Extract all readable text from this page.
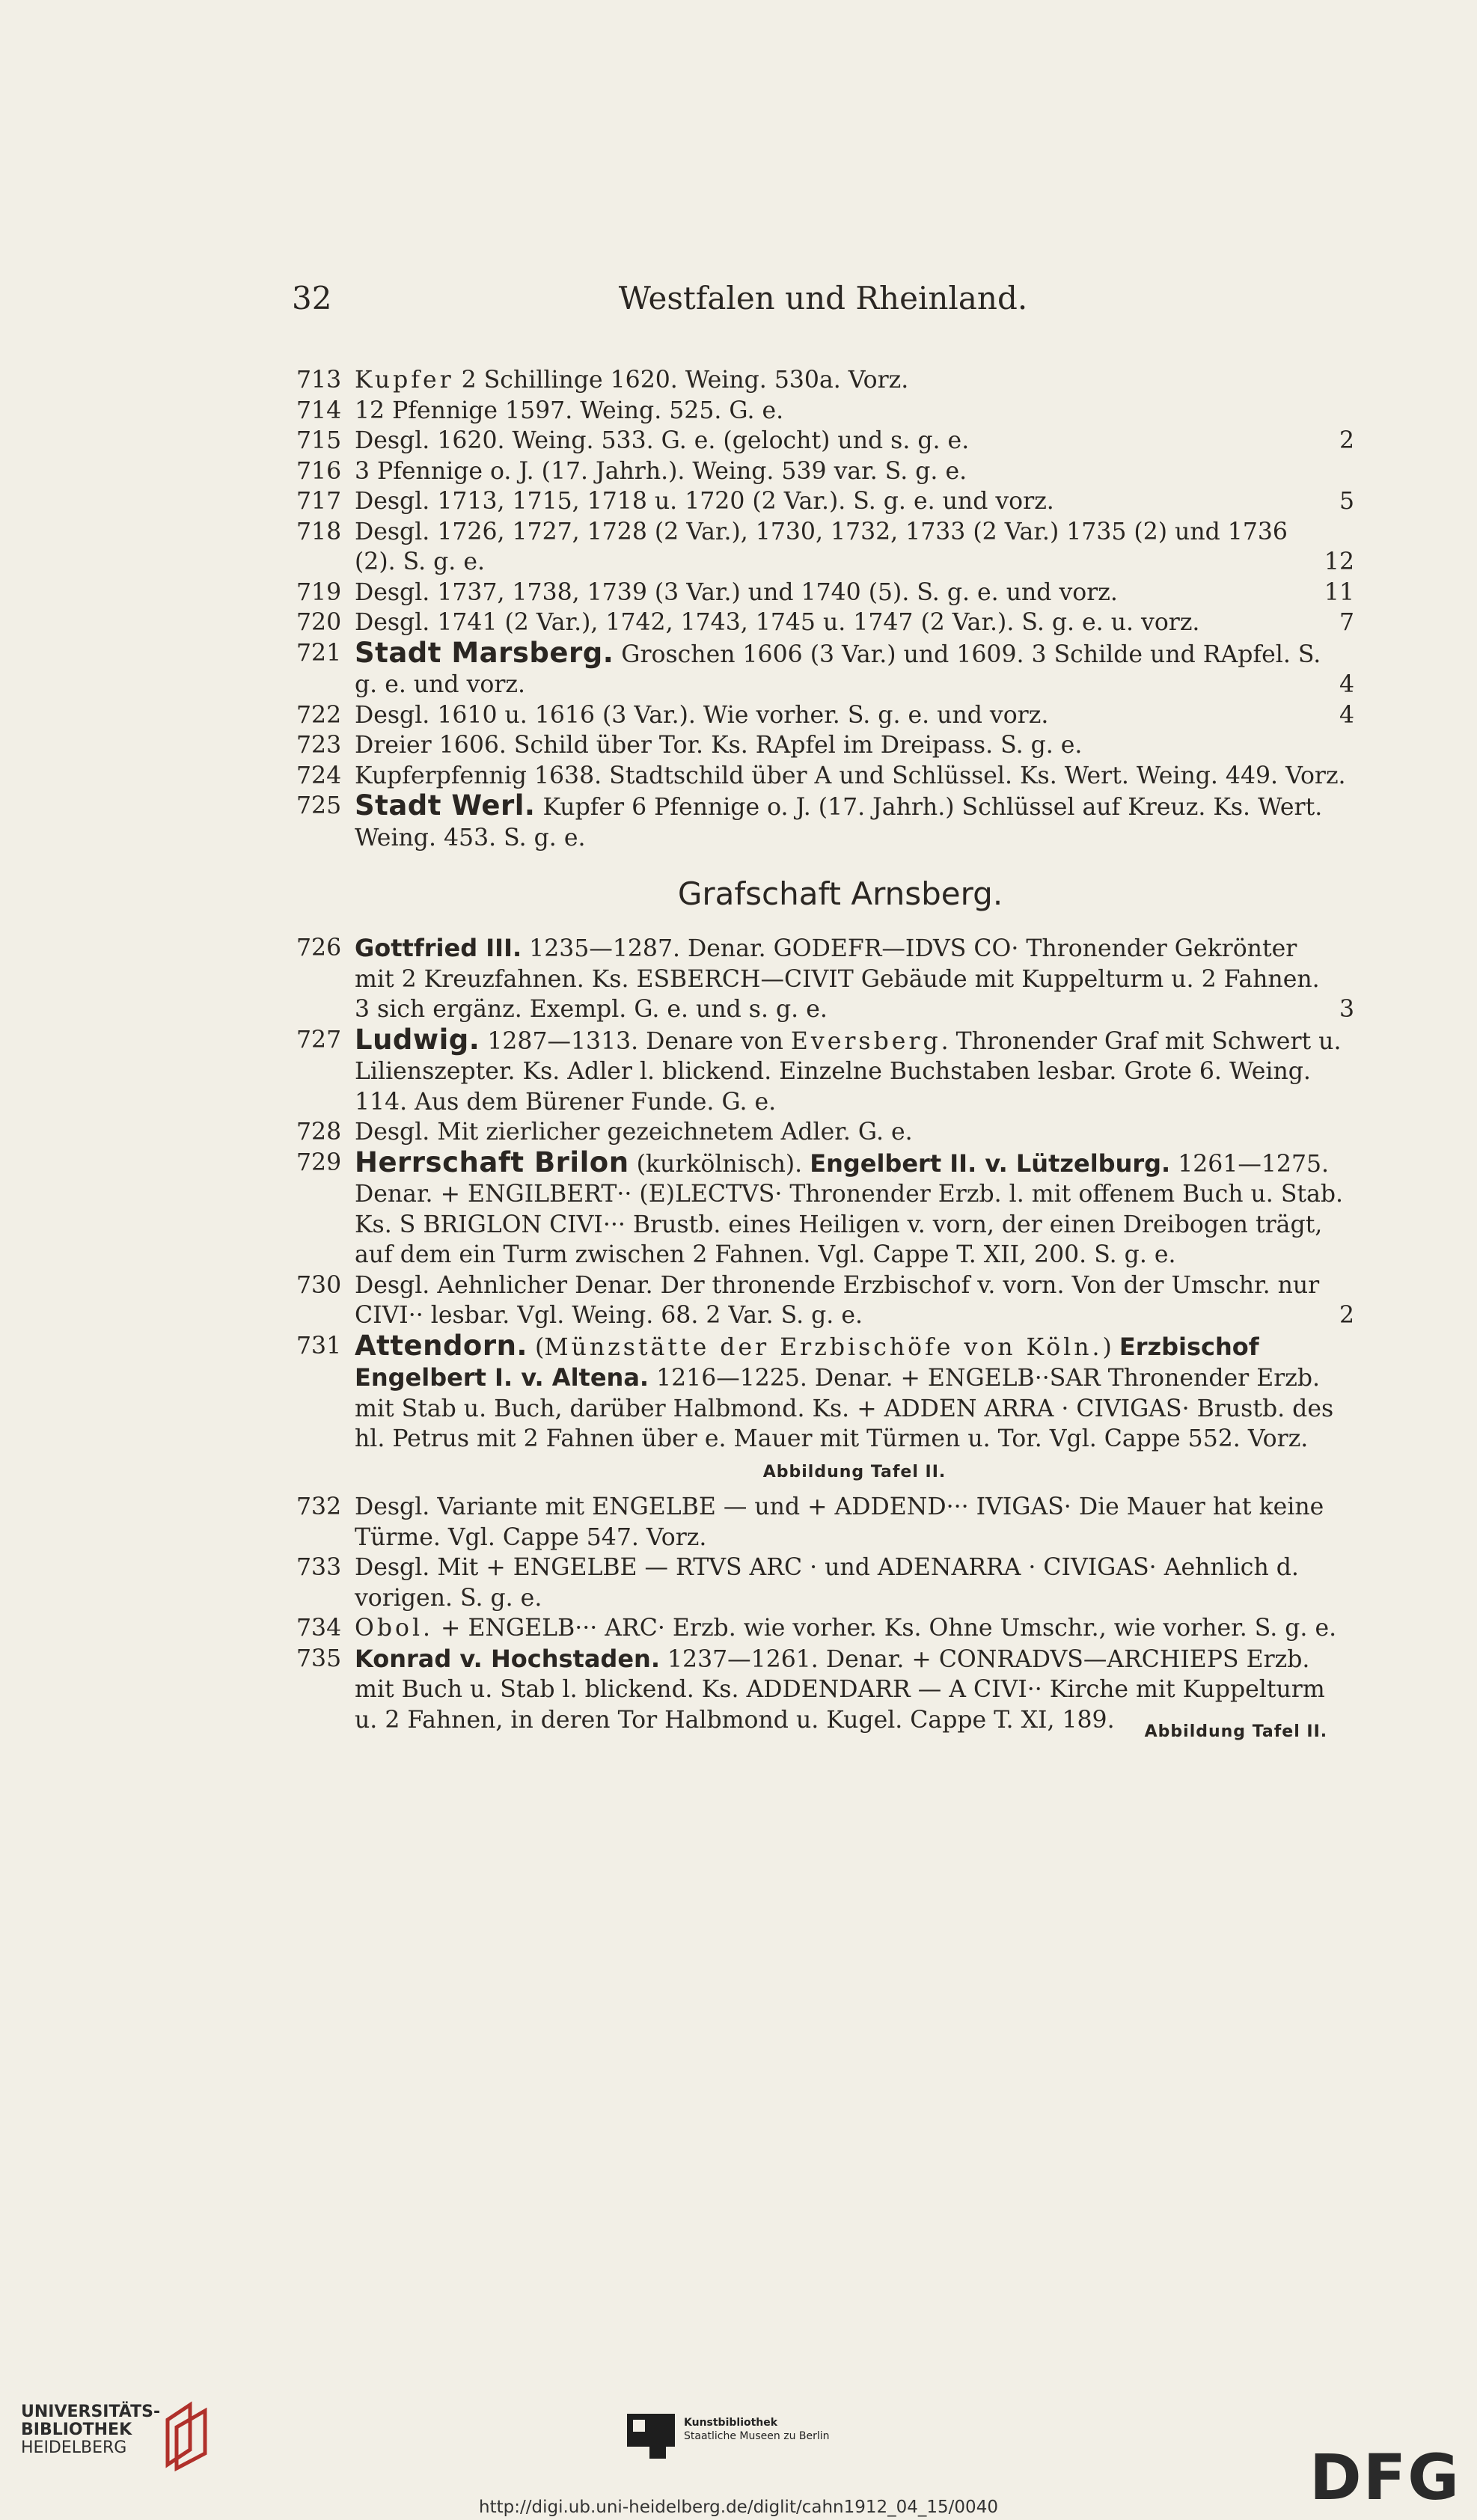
32	Westfalen und Rheinland.
713 Kupfer 2 Schillinge 1620. Weing. 530a. Vorz.
714 12 Pfennige 1597. Weing. 525. G. e.
715 Desgl. 1620. Weing. 533. G. e. (gelocht) und s. g. e.	2
716 3 Pfennige o. J. (17. Jahrh.). Weing. 539 var. S. g. e.
717 Desgl. 1713, 1715, 1718 u. 1720 (2 Var.). S. g. e. und vorz.	5
718 Desgl. 1726, 1727, 1728 (2 Var.), 1730, 1732, 1733 (2 Var.) 1735 (2) und 1736 (2). S. g. e.	12
719 Desgl. 1737, 1738, 1739 (3 Var.) und 1740 (5). S. g. e. und vorz.	11
720 Desgl. 1741 (2 Var.), 1742, 1743, 1745 u. 1747 (2 Var.). S. g. e. u. vorz.	7
721 Stadt Marsberg. Groschen 1606 (3 Var.) und 1609. 3 Schilde und RApfel. S. g. e. und vorz.	4
722 Desgl. 1610 u. 1616 (3 Var.). Wie vorher. S. g. e. und vorz.	4
723 Dreier 1606. Schild über Tor. Ks. RApfel im Dreipass. S. g. e.
724 Kupferpfennig 1638. Stadtschild über A und Schlüssel. Ks. Wert. Weing. 449. Vorz.
725 Stadt Werl. Kupfer 6 Pfennige o. J. (17. Jahrh.) Schlüssel auf Kreuz. Ks. Wert. Weing. 453. S. g. e.
Grafschaft Arnsberg.
726 Gottfried III. 1235—1287. Denar. GODEFR—IDVS CO· Thronender Gekrönter mit 2 Kreuzfahnen. Ks. ESBERCH—CIVIT Gebäude mit Kuppelturm u. 2 Fahnen. 3 sich ergänz. Exempl. G. e. und s. g. e.	3
727 Ludwig. 1287—1313. Denare von Eversberg. Thronender Graf mit Schwert u. Lilienszepter. Ks. Adler l. blickend. Einzelne Buchstaben lesbar. Grote 6. Weing. 114. Aus dem Bürener Funde. G. e.
728 Desgl. Mit zierlicher gezeichnetem Adler. G. e.
729 Herrschaft Brilon (kurkölnisch). Engelbert II. v. Lützelburg. 1261—1275. Denar. + ENGILBERT·· (E)LECTVS· Thronender Erzb. l. mit offenem Buch u. Stab. Ks. S BRIGLON CIVI··· Brustb. eines Heiligen v. vorn, der einen Dreibogen trägt, auf dem ein Turm zwischen 2 Fahnen. Vgl. Cappe T. XII, 200. S. g. e.
730 Desgl. Aehnlicher Denar. Der thronende Erzbischof v. vorn. Von der Umschr. nur CIVI·· lesbar. Vgl. Weing. 68. 2 Var. S. g. e.	2
731 Attendorn. (Münzstätte der Erzbischöfe von Köln.) Erzbischof Engelbert I. v. Altena. 1216—1225. Denar. + ENGELB··SAR Thronender Erzb. mit Stab u. Buch, darüber Halbmond. Ks. + ADDEN ARRA · CIVIGAS· Brustb. des hl. Petrus mit 2 Fahnen über e. Mauer mit Türmen u. Tor. Vgl. Cappe 552. Vorz.
Abbildung Tafel II.
732 Desgl. Variante mit ENGELBE — und + ADDEND··· IVIGAS· Die Mauer hat keine Türme. Vgl. Cappe 547. Vorz.
733 Desgl. Mit + ENGELBE — RTVS ARC · und ADENARRA · CIVIGAS· Aehnlich d. vorigen. S. g. e.
734 Obol. + ENGELB··· ARC· Erzb. wie vorher. Ks. Ohne Umschr., wie vorher. S. g. e.
735 Konrad v. Hochstaden. 1237—1261. Denar. + CONRADVS—ARCHIEPS Erzb. mit Buch u. Stab l. blickend. Ks. ADDENDARR — A CIVI·· Kirche mit Kuppelturm u. 2 Fahnen, in deren Tor Halbmond u. Kugel. Cappe T. XI, 189. $_{Abbildung Tafel II.}$
UNIVERSITÄTS-
BIBLIOTHEK
HEIDELBERG
Kunstbibliothek
Staatliche Museen zu Berlin
DFG
http://digi.ub.uni-heidelberg.de/diglit/cahn1912_04_15/0040
